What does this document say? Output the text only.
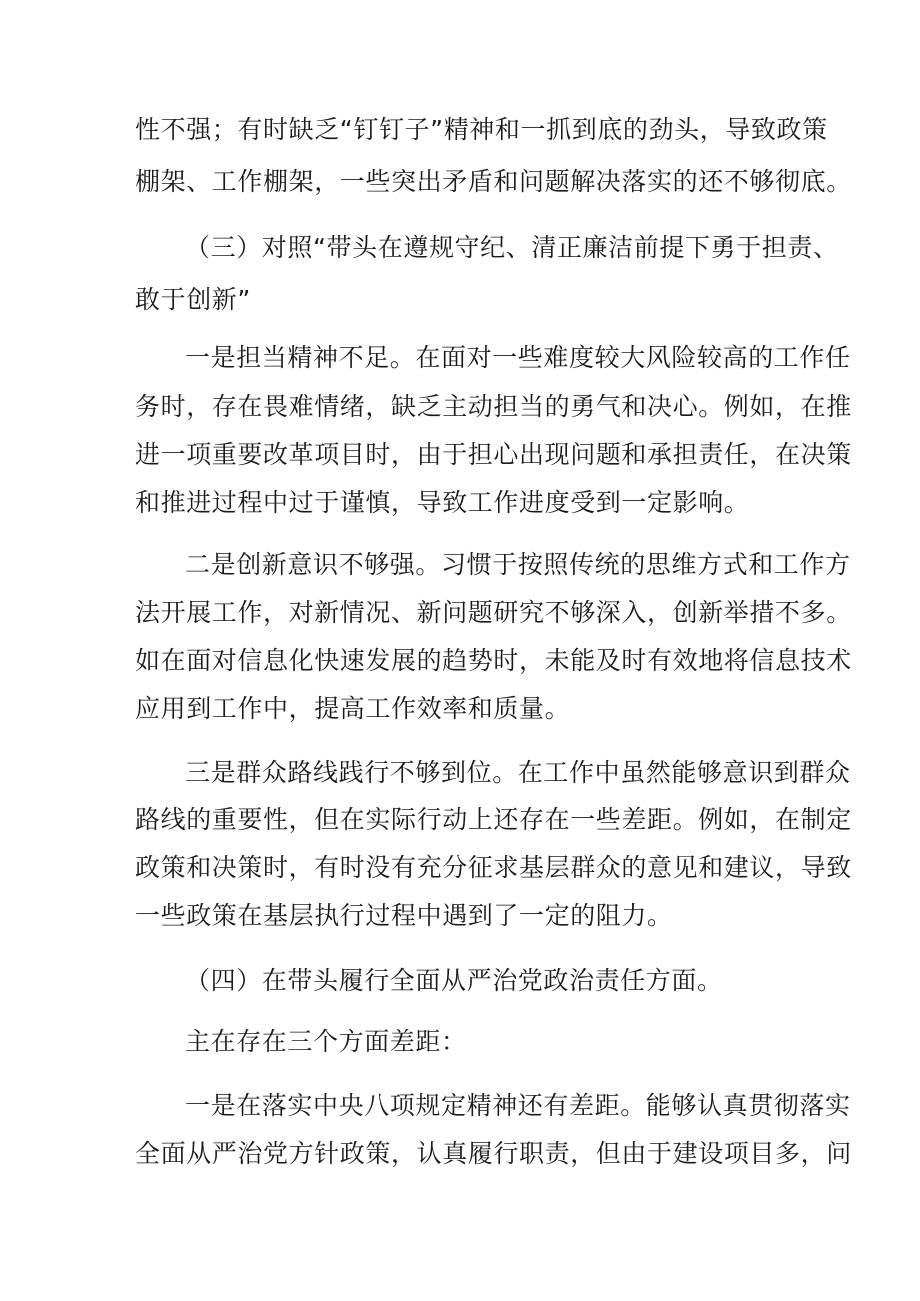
性不强；有时缺乏“钉钉子”精神和一抓到底的劲头，导致政策
棚架、工作棚架，一些突出矛盾和问题解决落实的还不够彻底。
（三）对照“带头在遵规守纪、清正廉洁前提下勇于担责、
敢于创新”
一是担当精神不足。在面对一些难度较大风险较高的工作任
务时，存在畏难情绪，缺乏主动担当的勇气和决心。例如，在推
进一项重要改革项目时，由于担心出现问题和承担责任，在决策
和推进过程中过于谨慎，导致工作进度受到一定影响。
二是创新意识不够强。习惯于按照传统的思维方式和工作方
法开展工作，对新情况、新问题研究不够深入，创新举措不多。
如在面对信息化快速发展的趋势时，未能及时有效地将信息技术
应用到工作中，提高工作效率和质量。
三是群众路线践行不够到位。在工作中虽然能够意识到群众
路线的重要性，但在实际行动上还存在一些差距。例如，在制定
政策和决策时，有时没有充分征求基层群众的意见和建议，导致
一些政策在基层执行过程中遇到了一定的阻力。
（四）在带头履行全面从严治党政治责任方面。
主在存在三个方面差距：
一是在落实中央八项规定精神还有差距。能够认真贯彻落实
全面从严治党方针政策，认真履行职责，但由于建设项目多，问
